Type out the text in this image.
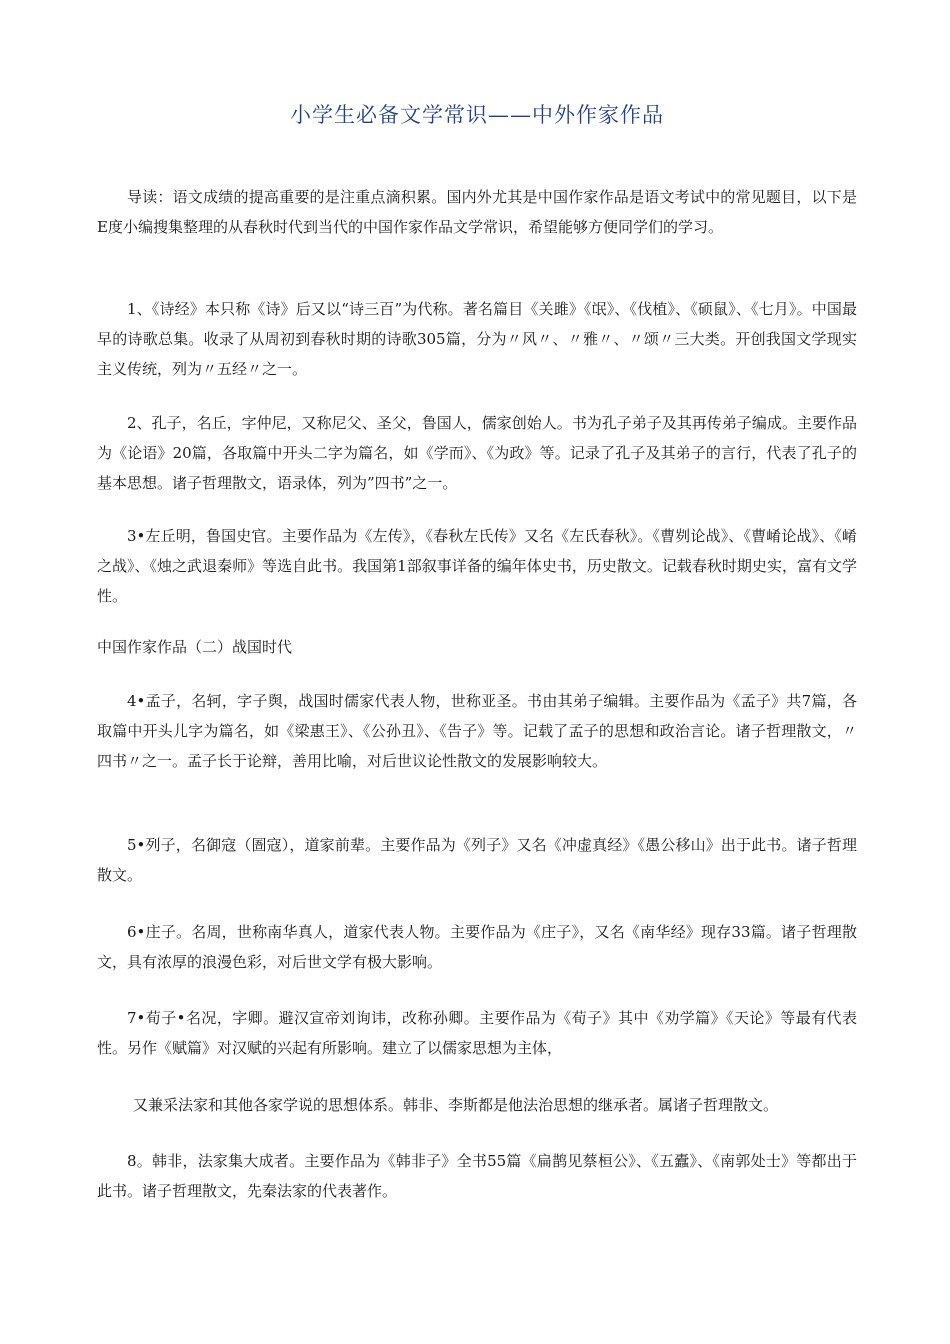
小学生必备文学常识——中外作家作品

导读：语文成绩的提高重要的是注重点滴积累。国内外尤其是中国作家作品是语文考试中的常见题目，以下是E度小编搜集整理的从春秋时代到当代的中国作家作品文学常识，希望能够方便同学们的学习。

1、《诗经》本只称《诗》后又以“诗三百”为代称。著名篇目《关雎》《氓》、《伐植》、《硕鼠》、《七月》。中国最早的诗歌总集。收录了从周初到春秋时期的诗歌305篇，分为〃风〃、〃雅〃、〃颂〃三大类。开创我国文学现实主义传统，列为〃五经〃之一。

2、孔子，名丘，字仲尼，又称尼父、圣父，鲁国人，儒家创始人。书为孔子弟子及其再传弟子编成。主要作品为《论语》20篇，各取篇中开头二字为篇名，如《学而》、《为政》等。记录了孔子及其弟子的言行，代表了孔子的基本思想。诸子哲理散文，语录体，列为”四书”之一。

3•左丘明，鲁国史官。主要作品为《左传》，《春秋左氏传》又名《左氏春秋》。《曹刿论战》、《曹崤论战》、《崤之战》、《烛之武退秦师》等选自此书。我国第1部叙事详备的编年体史书，历史散文。记载春秋时期史实，富有文学性。

中国作家作品（二）战国时代

4•孟子，名轲，字子舆，战国时儒家代表人物，世称亚圣。书由其弟子编辑。主要作品为《孟子》共7篇，各取篇中开头儿字为篇名，如《梁惠王》、《公孙丑》、《告子》等。记载了孟子的思想和政治言论。诸子哲理散文，〃四书〃之一。孟子长于论辩，善用比喻，对后世议论性散文的发展影响较大。

5•列子，名御寇（圄寇），道家前辈。主要作品为《列子》又名《冲虚真经》《愚公移山》出于此书。诸子哲理散文。

6•庄子。名周，世称南华真人，道家代表人物。主要作品为《庄子》，又名《南华经》现存33篇。诸子哲理散文，具有浓厚的浪漫色彩，对后世文学有极大影响。

7•荀子•名况，字卿。避汉宣帝刘询讳，改称孙卿。主要作品为《荀子》其中《劝学篇》《天论》等最有代表性。另作《赋篇》对汉赋的兴起有所影响。建立了以儒家思想为主体，

又兼采法家和其他各家学说的思想体系。韩非、李斯都是他法治思想的继承者。属诸子哲理散文。

8。韩非，法家集大成者。主要作品为《韩非子》全书55篇《扁鹊见蔡桓公》、《五蠹》、《南郭处士》等都出于此书。诸子哲理散文，先秦法家的代表著作。
